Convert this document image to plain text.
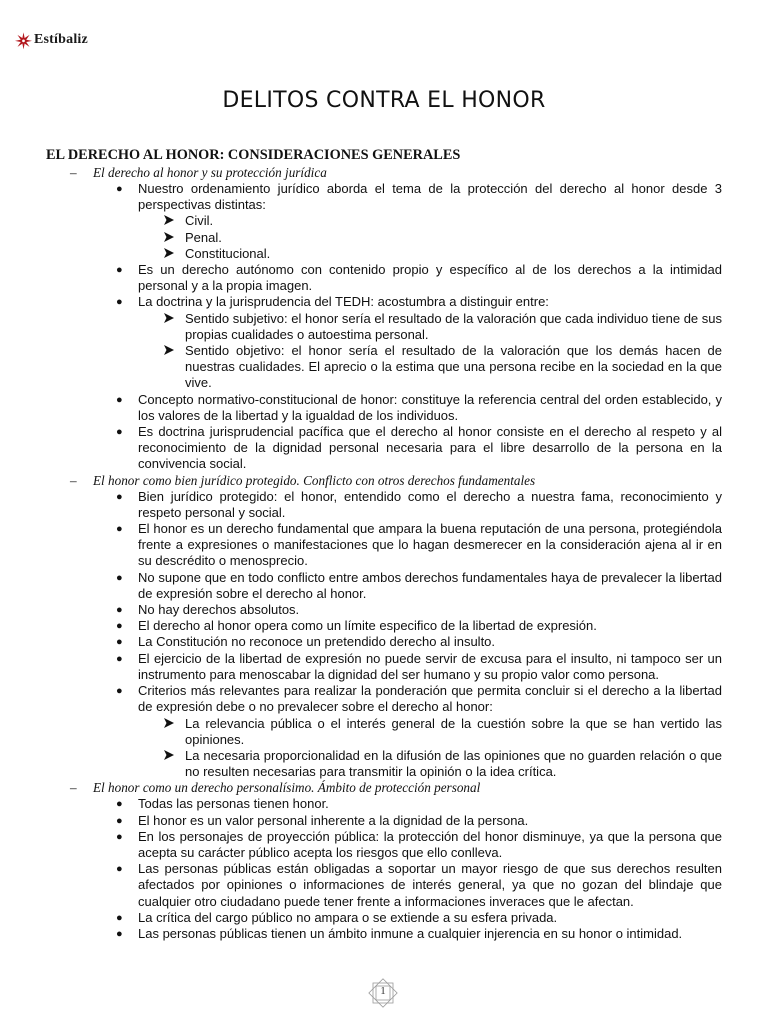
Estíbaliz
DELITOS CONTRA EL HONOR
EL DERECHO AL HONOR: CONSIDERACIONES GENERALES
– El derecho al honor y su protección jurídica
● Nuestro ordenamiento jurídico aborda el tema de la protección del derecho al honor desde 3 perspectivas distintas:
Civil.
Penal.
Constitucional.
● Es un derecho autónomo con contenido propio y específico al de los derechos a la intimidad personal y a la propia imagen.
● La doctrina y la jurisprudencia del TEDH: acostumbra a distinguir entre:
Sentido subjetivo: el honor sería el resultado de la valoración que cada individuo tiene de sus propias cualidades o autoestima personal.
Sentido objetivo: el honor sería el resultado de la valoración que los demás hacen de nuestras cualidades. El aprecio o la estima que una persona recibe en la sociedad en la que vive.
● Concepto normativo-constitucional de honor: constituye la referencia central del orden establecido, y los valores de la libertad y la igualdad de los individuos.
● Es doctrina jurisprudencial pacífica que el derecho al honor consiste en el derecho al respeto y al reconocimiento de la dignidad personal necesaria para el libre desarrollo de la persona en la convivencia social.
– El honor como bien jurídico protegido. Conflicto con otros derechos fundamentales
● Bien jurídico protegido: el honor, entendido como el derecho a nuestra fama, reconocimiento y respeto personal y social.
● El honor es un derecho fundamental que ampara la buena reputación de una persona, protegiéndola frente a expresiones o manifestaciones que lo hagan desmerecer en la consideración ajena al ir en su descrédito o menosprecio.
● No supone que en todo conflicto entre ambos derechos fundamentales haya de prevalecer la libertad de expresión sobre el derecho al honor.
● No hay derechos absolutos.
● El derecho al honor opera como un límite especifico de la libertad de expresión.
● La Constitución no reconoce un pretendido derecho al insulto.
● El ejercicio de la libertad de expresión no puede servir de excusa para el insulto, ni tampoco ser un instrumento para menoscabar la dignidad del ser humano y su propio valor como persona.
● Criterios más relevantes para realizar la ponderación que permita concluir si el derecho a la libertad de expresión debe o no prevalecer sobre el derecho al honor:
La relevancia pública o el interés general de la cuestión sobre la que se han vertido las opiniones.
La necesaria proporcionalidad en la difusión de las opiniones que no guarden relación o que no resulten necesarias para transmitir la opinión o la idea crítica.
– El honor como un derecho personalísimo. Ámbito de protección personal
● Todas las personas tienen honor.
● El honor es un valor personal inherente a la dignidad de la persona.
● En los personajes de proyección pública: la protección del honor disminuye, ya que la persona que acepta su carácter público acepta los riesgos que ello conlleva.
● Las personas públicas están obligadas a soportar un mayor riesgo de que sus derechos resulten afectados por opiniones o informaciones de interés general, ya que no gozan del blindaje que cualquier otro ciudadano puede tener frente a informaciones inveraces que le afectan.
● La crítica del cargo público no ampara o se extiende a su esfera privada.
● Las personas públicas tienen un ámbito inmune a cualquier injerencia en su honor o intimidad.
1
